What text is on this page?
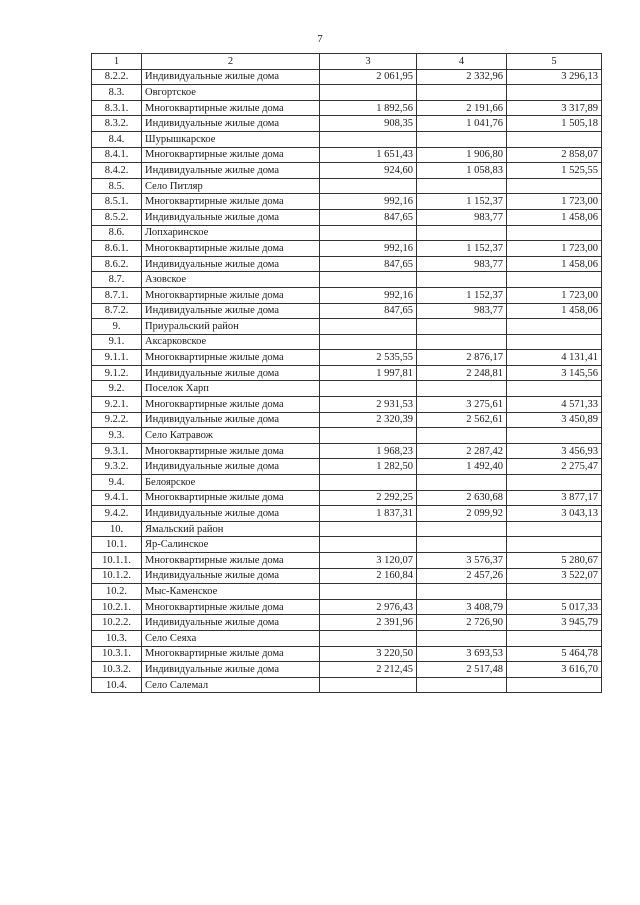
7
1	2	3	4	5
8.2.2.	Индивидуальные жилые дома	2 061,95	2 332,96	3 296,13
8.3.	Овгортское			
8.3.1.	Многоквартирные жилые дома	1 892,56	2 191,66	3 317,89
8.3.2.	Индивидуальные жилые дома	908,35	1 041,76	1 505,18
8.4.	Шурышкарское			
8.4.1.	Многоквартирные жилые дома	1 651,43	1 906,80	2 858,07
8.4.2.	Индивидуальные жилые дома	924,60	1 058,83	1 525,55
8.5.	Село Питляр			
8.5.1.	Многоквартирные жилые дома	992,16	1 152,37	1 723,00
8.5.2.	Индивидуальные жилые дома	847,65	983,77	1 458,06
8.6.	Лопхаринское			
8.6.1.	Многоквартирные жилые дома	992,16	1 152,37	1 723,00
8.6.2.	Индивидуальные жилые дома	847,65	983,77	1 458,06
8.7.	Азовское			
8.7.1.	Многоквартирные жилые дома	992,16	1 152,37	1 723,00
8.7.2.	Индивидуальные жилые дома	847,65	983,77	1 458,06
9.	Приуральский район			
9.1.	Аксарковское			
9.1.1.	Многоквартирные жилые дома	2 535,55	2 876,17	4 131,41
9.1.2.	Индивидуальные жилые дома	1 997,81	2 248,81	3 145,56
9.2.	Поселок Харп			
9.2.1.	Многоквартирные жилые дома	2 931,53	3 275,61	4 571,33
9.2.2.	Индивидуальные жилые дома	2 320,39	2 562,61	3 450,89
9.3.	Село Катравож			
9.3.1.	Многоквартирные жилые дома	1 968,23	2 287,42	3 456,93
9.3.2.	Индивидуальные жилые дома	1 282,50	1 492,40	2 275,47
9.4.	Белоярское			
9.4.1.	Многоквартирные жилые дома	2 292,25	2 630,68	3 877,17
9.4.2.	Индивидуальные жилые дома	1 837,31	2 099,92	3 043,13
10.	Ямальский район			
10.1.	Яр-Салинское			
10.1.1.	Многоквартирные жилые дома	3 120,07	3 576,37	5 280,67
10.1.2.	Индивидуальные жилые дома	2 160,84	2 457,26	3 522,07
10.2.	Мыс-Каменское			
10.2.1.	Многоквартирные жилые дома	2 976,43	3 408,79	5 017,33
10.2.2.	Индивидуальные жилые дома	2 391,96	2 726,90	3 945,79
10.3.	Село Сеяха			
10.3.1.	Многоквартирные жилые дома	3 220,50	3 693,53	5 464,78
10.3.2.	Индивидуальные жилые дома	2 212,45	2 517,48	3 616,70
10.4.	Село Салемал			
